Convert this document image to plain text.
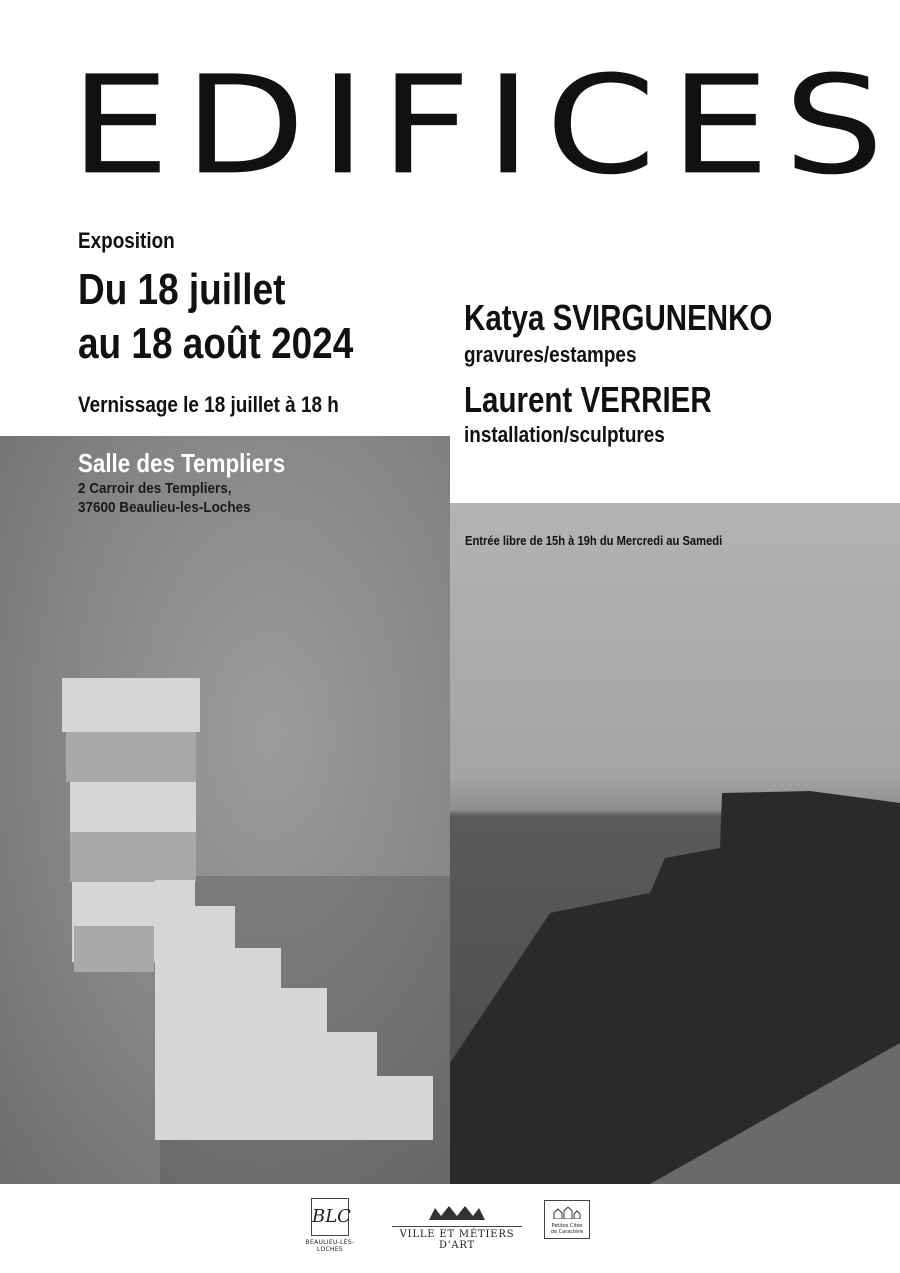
EDIFICES
Exposition
Du 18 juillet
au 18 août 2024
Vernissage le 18 juillet à 18 h
Katya SVIRGUNENKO
gravures/estampes
Laurent VERRIER
installation/sculptures
Salle des Templiers
2 Carroir des Templiers,
37600 Beaulieu-les-Loches
Entrée libre de 15h à 19h du Mercredi au Samedi
BLC
BEAULIEU-LÈS-LOCHES
VILLE ET MÉTIERS D'ART
Petites Cités
de Caractère
